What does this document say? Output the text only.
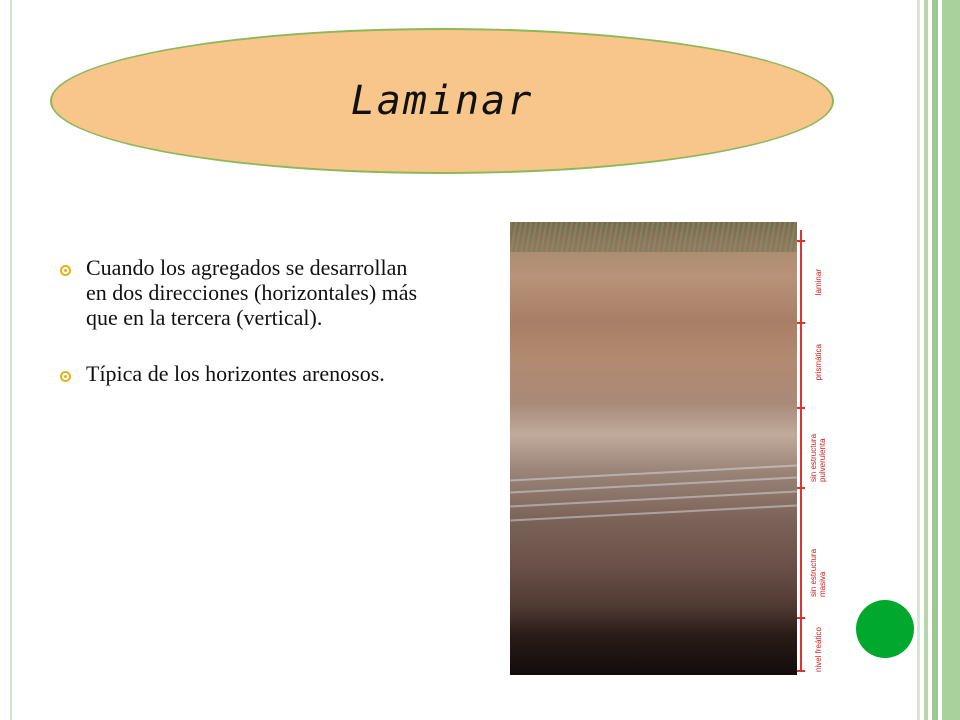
Laminar
Cuando los agregados se desarrollan en dos direcciones (horizontales) más que en la tercera (vertical).
Típica de los horizontes arenosos.
laminar
prismática
sin estructura pulverulenta
sin estructura masiva
nivel freático
